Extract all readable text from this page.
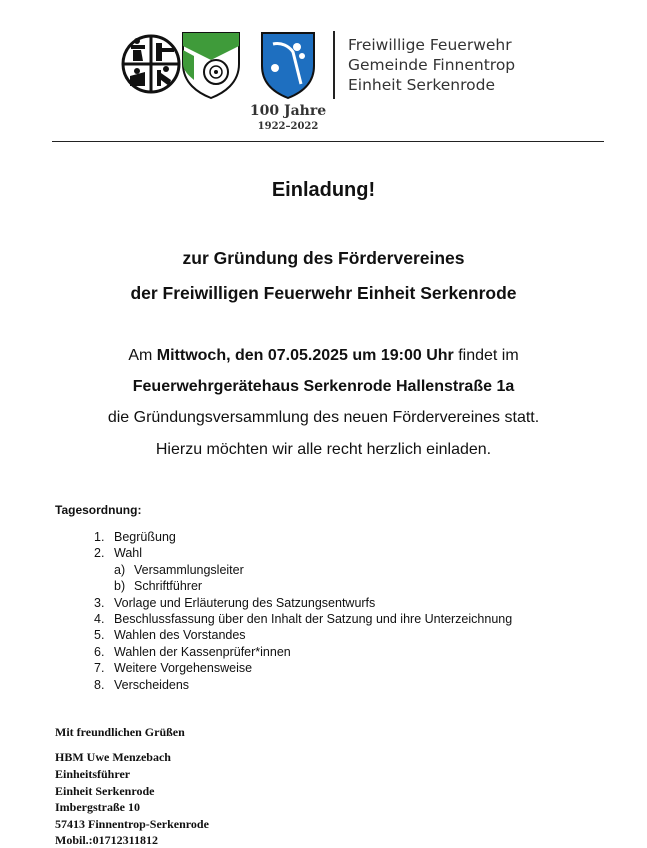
100 Jahre
1922–2022
Freiwillige Feuerwehr
Gemeinde Finnentrop
Einheit Serkenrode
Einladung!
zur Gründung des Fördervereines
der Freiwilligen Feuerwehr Einheit Serkenrode
Am Mittwoch, den 07.05.2025 um 19:00 Uhr findet im
Feuerwehrgerätehaus Serkenrode Hallenstraße 1a
die Gründungsversammlung des neuen Fördervereines statt.
Hierzu möchten wir alle recht herzlich einladen.
Tagesordnung:
1. Begrüßung
2. Wahl
a) Versammlungsleiter
b) Schriftführer
3. Vorlage und Erläuterung des Satzungsentwurfs
4. Beschlussfassung über den Inhalt der Satzung und ihre Unterzeichnung
5. Wahlen des Vorstandes
6. Wahlen der Kassenprüfer*innen
7. Weitere Vorgehensweise
8. Verscheidens
Mit freundlichen Grüßen
HBM Uwe Menzebach
Einheitsführer
Einheit Serkenrode
Imbergstraße 10
57413 Finnentrop-Serkenrode
Mobil.:01712311812
